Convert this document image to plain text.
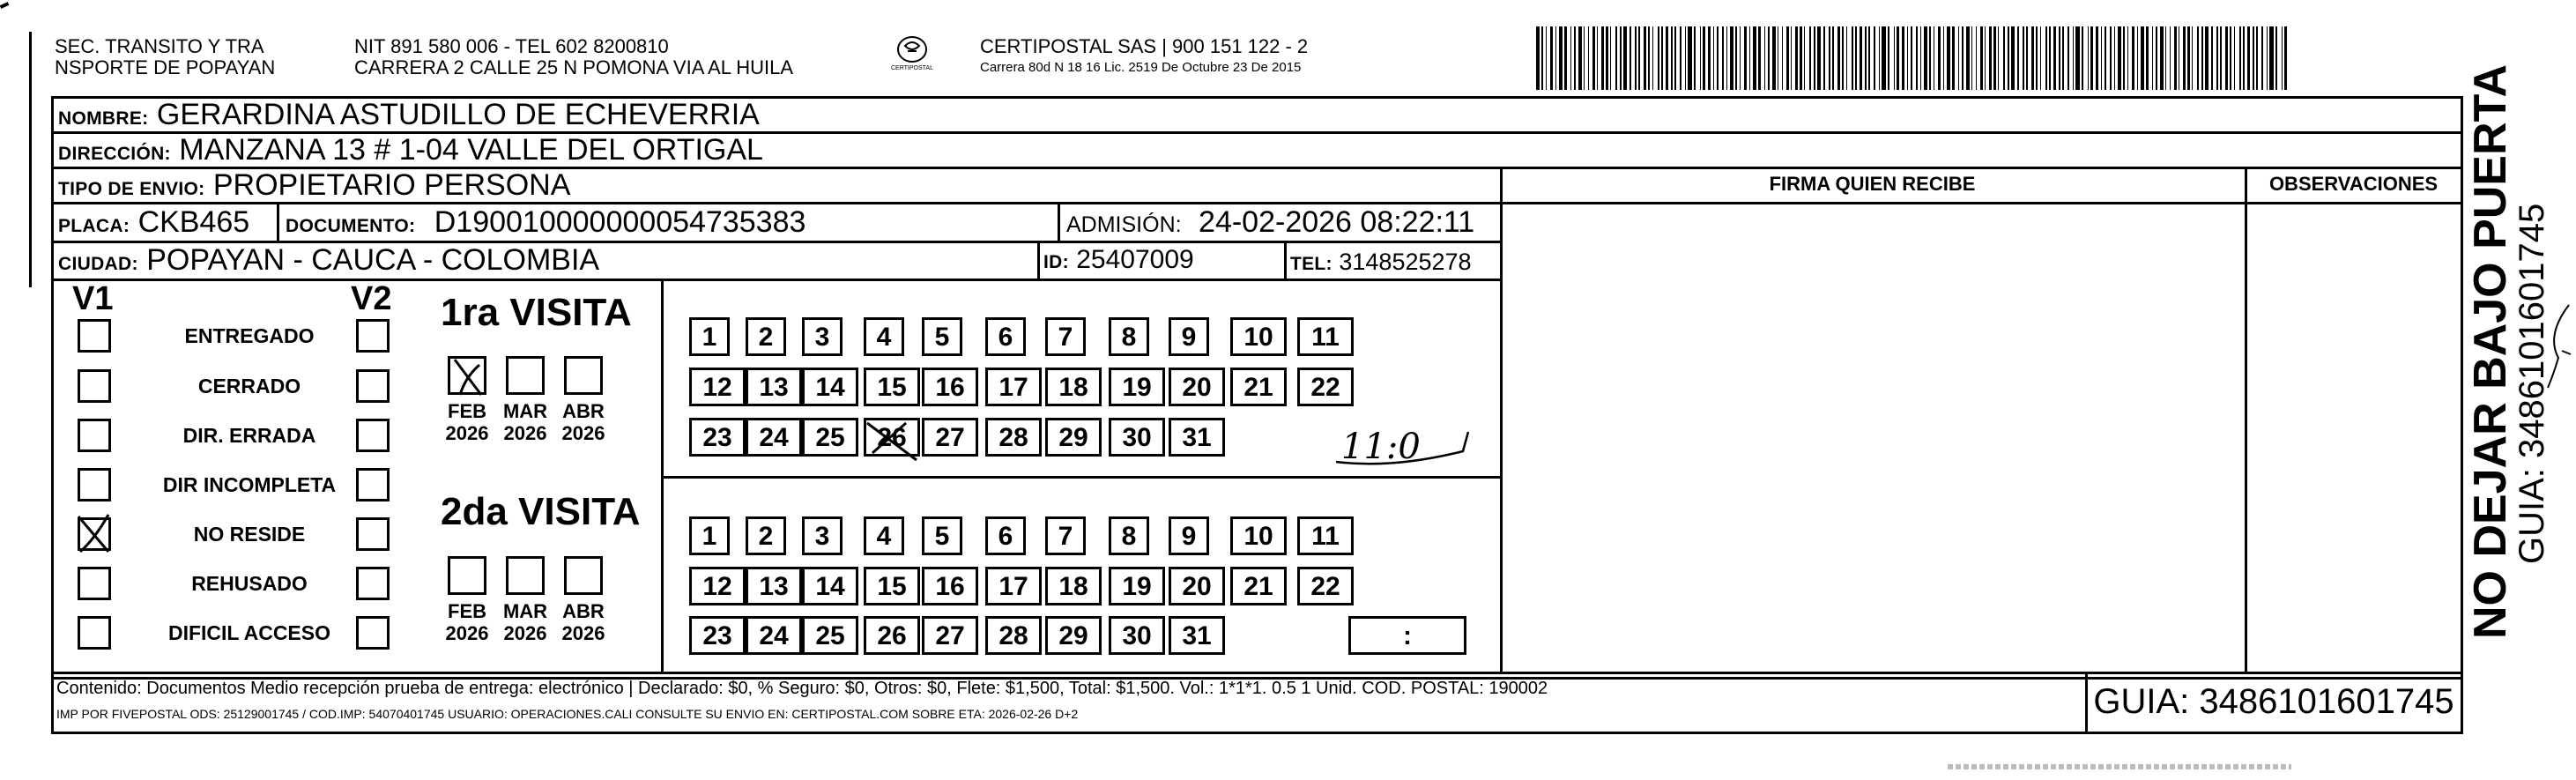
SEC. TRANSITO Y TRA
NSPORTE DE POPAYAN
NIT 891 580 006 - TEL 602 8200810
CARRERA 2 CALLE 25 N POMONA VIA AL HUILA	CERTIPOSTAL
CERTIPOSTAL SAS | 900 151 122 - 2
Carrera 80d N 18 16 Lic. 2519 De Octubre 23 De 2015
NOMBRE: GERARDINA ASTUDILLO DE ECHEVERRIA
DIRECCIÓN: MANZANA 13 # 1-04 VALLE DEL ORTIGAL
TIPO DE ENVIO: PROPIETARIO PERSONA
PLACA: CKB465 DOCUMENTO: D190010000000054735383	ADMISIÓN: 24-02-2026 08:22:11
CIUDAD: POPAYAN - CAUCA - COLOMBIA	ID: 25407009	TEL: 3148525278
FIRMA QUIEN RECIBE	OBSERVACIONES
V1	V2
ENTREGADO
CERRADO
DIR. ERRADA
DIR INCOMPLETA
NO RESIDE
REHUSADO
DIFICIL ACCESO
1ra VISITA
FEB
2026
MAR
2026
ABR
2026
1	2	3	4	5	6	7	8	9	10	11
12	13	14	15	16	17	18	19	20	21	22
23	24	25	26	27	28	29	30	31	11:0
2da VISITA
FEB
2026
MAR
2026
ABR
2026
1	2	3	4	5	6	7	8	9	10	11
12	13	14	15	16	17	18	19	20	21	22
23	24	25	26	27	28	29	30	31	:
Contenido: Documentos Medio recepción prueba de entrega: electrónico | Declarado: $0, % Seguro: $0, Otros: $0, Flete: $1,500, Total: $1,500. Vol.: 1*1*1. 0.5 1 Unid. COD. POSTAL: 190002
IMP POR FIVEPOSTAL ODS: 25129001745 / COD.IMP: 54070401745 USUARIO: OPERACIONES.CALI CONSULTE SU ENVIO EN: CERTIPOSTAL.COM SOBRE ETA: 2026-02-26 D+2	GUIA: 3486101601745
NO DEJAR BAJO PUERTA
GUIA: 3486101601745
